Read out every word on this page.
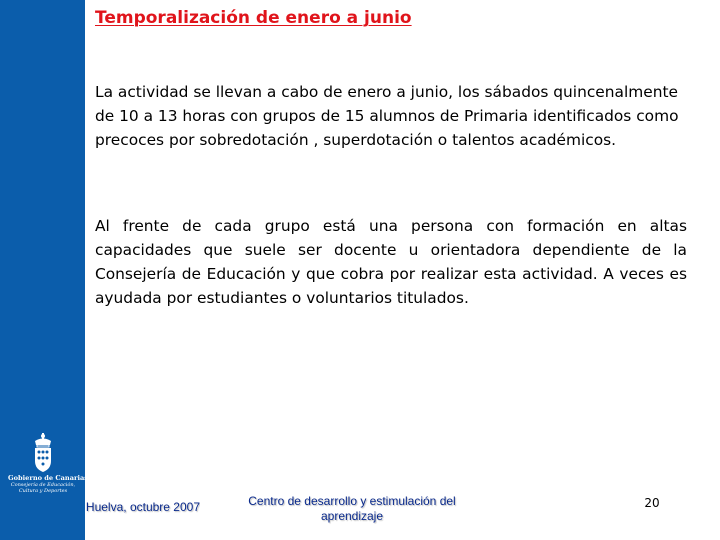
Temporalización de enero a junio
La actividad se llevan a cabo de enero a junio, los sábados quincenalmente de 10 a 13 horas con grupos de 15 alumnos de Primaria identificados como precoces por sobredotación , superdotación o talentos académicos.
Al frente de cada grupo está una persona con formación en altas capacidades que suele ser docente u orientadora dependiente de la Consejería de Educación y que cobra por realizar esta actividad. A veces es ayudada por estudiantes o voluntarios titulados.
Gobierno de Canarias
Consejería de Educación,
Cultura y Deportes
Huelva, octubre 2007	Centro de desarrollo y estimulación del aprendizaje
20
